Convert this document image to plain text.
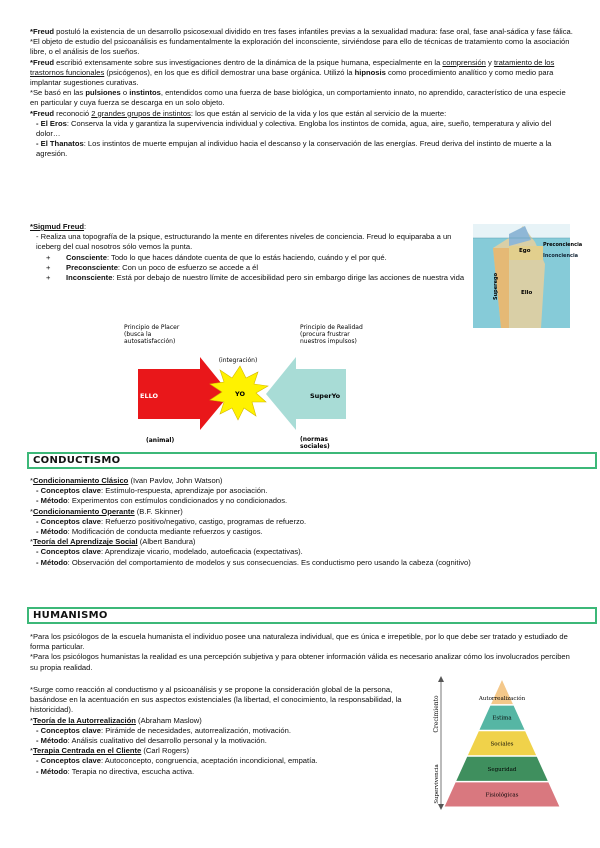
*Freud postuló la existencia de un desarrollo psicosexual dividido en tres fases infantiles previas a la sexualidad madura: fase oral, fase anal-sádica y fase fálica.

*El objeto de estudio del psicoanálisis es fundamentalmente la exploración del inconsciente, sirviéndose para ello de técnicas de tratamiento como la asociación libre, o el análisis de los sueños.

*Freud escribió extensamente sobre sus investigaciones dentro de la dinámica de la psique humana, especialmente en la comprensión y tratamiento de los trastornos funcionales (psicógenos), en los que es difícil demostrar una base orgánica. Utilizó la hipnosis como procedimiento analítico y como medio para implantar sugestiones curativas.

*Se basó en las pulsiones o instintos, entendidos como una fuerza de base biológica, un comportamiento innato, no aprendido, característico de una especie en particular y cuya fuerza se descarga en un solo objeto.

*Freud reconoció 2 grandes grupos de instintos: los que están al servicio de la vida y los que están al servicio de la muerte:

- El Eros: Conserva la vida y garantiza la supervivencia individual y colectiva. Engloba los instintos de comida, agua, aire, sueño, temperatura y alivio del dolor…

- El Thanatos: Los instintos de muerte empujan al individuo hacia el descanso y la conservación de las energías. Freud deriva del instinto de muerte a la agresión.

*Sigmud Freud:

- Realiza una topografía de la psique, estructurando la mente en diferentes niveles de conciencia. Freud lo equiparaba a un iceberg del cual nosotros sólo vemos la punta.

+ Consciente: Todo lo que haces dándote cuenta de que lo estás haciendo, cuándo y el por qué.
+ Preconsciente: Con un poco de esfuerzo se accede a él
+ Inconsciente: Está por debajo de nuestro límite de accesibilidad pero sin embargo dirige las acciones de nuestra vida
Ego
Preconciencia
Inconciencia
Superego	Ello
Principio de Placer (busca la autosatisfacción)
Principio de Realidad (procura frustrar nuestros impulsos)
(integración)
ELLO	YO	SuperYo
(animal)	(normas sociales)
CONDUCTISMO

*Condicionamiento Clásico (Ivan Pavlov, John Watson)

- Conceptos clave: Estímulo-respuesta, aprendizaje por asociación.

- Método: Experimentos con estímulos condicionados y no condicionados.

*Condicionamiento Operante (B.F. Skinner)

- Conceptos clave: Refuerzo positivo/negativo, castigo, programas de refuerzo.

- Método: Modificación de conducta mediante refuerzos y castigos.

*Teoría del Aprendizaje Social (Albert Bandura)

- Conceptos clave: Aprendizaje vicario, modelado, autoeficacia (expectativas).

- Método: Observación del comportamiento de modelos y sus consecuencias. Es conductismo pero usando la cabeza (cognitivo)

HUMANISMO

*Para los psicólogos de la escuela humanista el individuo posee una naturaleza individual, que es única e irrepetible, por lo que debe ser tratado y estudiado de forma particular.

*Para los psicólogos humanistas la realidad es una percepción subjetiva y para obtener información válida es necesario analizar cómo los involucrados perciben su propia realidad.

*Surge como reacción al conductismo y al psicoanálisis y se propone la consideración global de la persona, basándose en la acentuación en sus aspectos existenciales (la libertad, el conocimiento, la responsabilidad, la historicidad).

*Teoría de la Autorrealización (Abraham Maslow)

- Conceptos clave: Pirámide de necesidades, autorrealización, motivación.

- Método: Análisis cualitativo del desarrollo personal y la motivación.

*Terapia Centrada en el Cliente (Carl Rogers)

- Conceptos clave: Autoconcepto, congruencia, aceptación incondicional, empatía.

- Método: Terapia no directiva, escucha activa.

Autorrealización
Estima
Sociales
Seguridad
Fisiológicas
Crecimiento
Supervivencia
